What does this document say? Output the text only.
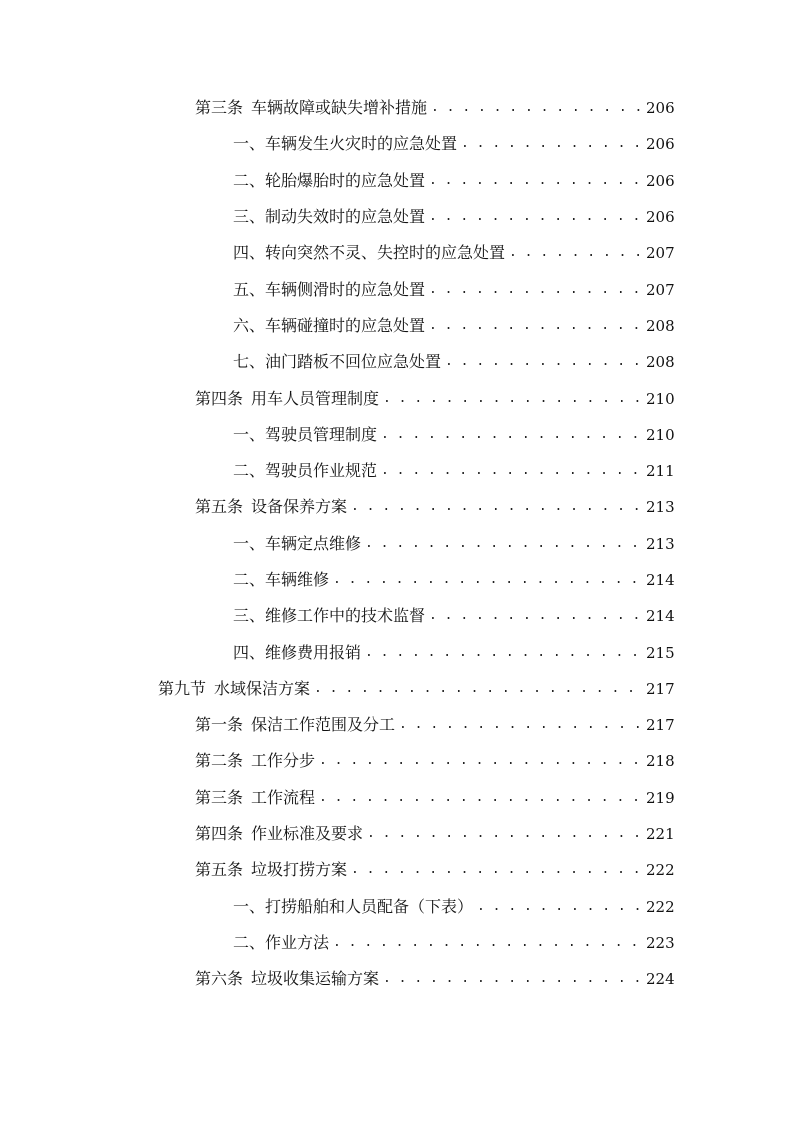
第三条 车辆故障或缺失增补措施 . . .	206
一、 车辆发生火灾时的应急处置 . . .	206
二、 轮胎爆胎时的应急处置 . . .	206
三、 制动失效时的应急处置 . . .	206
四、 转向突然不灵、失控时的应急处置 . . .	207
五、 车辆侧滑时的应急处置 . . .	207
六、 车辆碰撞时的应急处置 . . .	208
七、 油门踏板不回位应急处置 . . .	208
第四条 用车人员管理制度 . . .	210
一、 驾驶员管理制度 . . .	210
二、 驾驶员作业规范 . . .	211
第五条 设备保养方案 . . .	213
一、 车辆定点维修 . . .	213
二、 车辆维修 . . .	214
三、 维修工作中的技术监督 . . .	214
四、 维修费用报销 . . .	215
第九节 水域保洁方案 . . .	217
第一条 保洁工作范围及分工 . . .	217
第二条 工作分步 . . .	218
第三条 工作流程 . . .	219
第四条 作业标准及要求 . . .	221
第五条 垃圾打捞方案 . . .	222
一、 打捞船舶和人员配备（下表） . . .	222
二、 作业方法 . . .	223
第六条 垃圾收集运输方案 . . .	224
